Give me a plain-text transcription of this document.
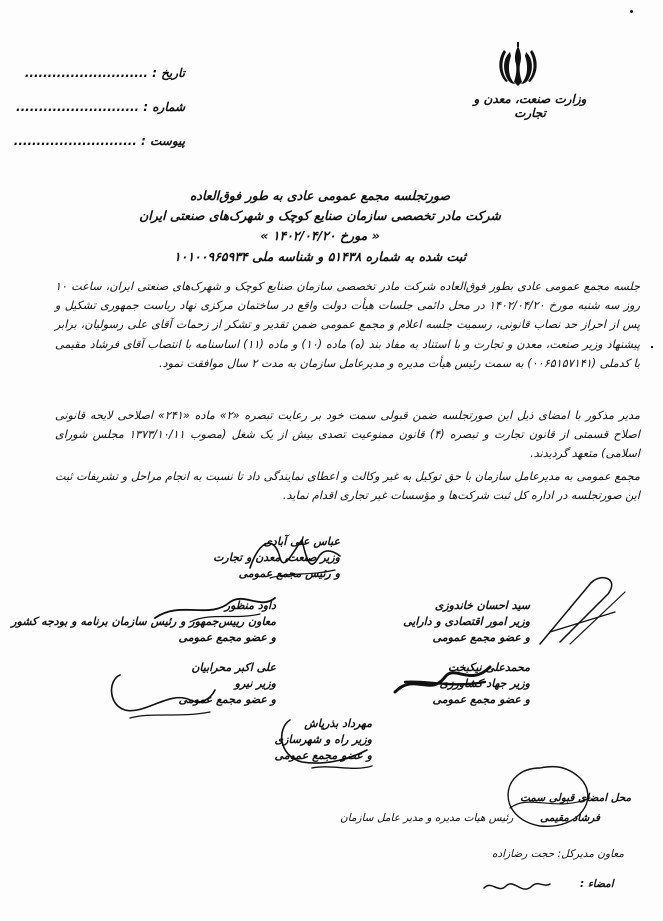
وزارت صنعت، معدن و تجارت
تاریخ : ...........................
شماره : ...........................
پیوست : ...........................
صورتجلسه مجمع عمومی عادی به طور فوق‌العاده
شرکت مادر تخصصی سازمان صنایع کوچک و شهرک‌های صنعتی ایران
« مورخ ۱۴۰۲/۰۴/۲۰ »
ثبت شده به شماره ۵۱۴۳۸ و شناسه ملی ۱۰۱۰۰۹۶۵۹۳۴
جلسه مجمع عمومی عادی بطور فوق‌العاده شرکت مادر تخصصی سازمان صنایع کوچک و شهرک‌های صنعتی ایران، ساعت ۱۰ روز سه شنبه مورخ ۱۴۰۲/۰۴/۲۰ در محل دائمی جلسات هیأت دولت واقع در ساختمان مرکزی نهاد ریاست جمهوری تشکیل و پس از احراز حد نصاب قانونی، رسمیت جلسه اعلام و مجمع عمومی ضمن تقدیر و تشکر از زحمات آقای علی رسولیان، برابر پیشنهاد وزیر صنعت، معدن و تجارت و با استناد به مفاد بند (ه) ماده (۱۰) و ماده (۱۱) اساسنامه با انتصاب آقای فرشاد مقیمی با کدملی (۰۰۶۵۱۵۷۱۴۱) به سمت رئیس هیأت مدیره و مدیرعامل سازمان به مدت ۲ سال موافقت نمود.
مدیر مذکور با امضای ذیل این صورتجلسه ضمن قبولی سمت خود بر رعایت تبصره «۲» ماده «۲۴۱» اصلاحی لایحه قانونی اصلاح قسمتی از قانون تجارت و تبصره (۴) قانون ممنوعیت تصدی بیش از یک شغل (مصوب ۱۳۷۳/۱۰/۱۱ مجلس شورای اسلامی) متعهد گردیدند.
مجمع عمومی به مدیرعامل سازمان با حق توکیل به غیر وکالت و اعطای نمایندگی داد تا نسبت به انجام مراحل و تشریفات ثبت این صورتجلسه در اداره کل ثبت شرکت‌ها و مؤسسات غیر تجاری اقدام نماید.
عباس علی آبادی
وزیر صنعت، معدن و تجارت
و رئیس مجمع عمومی
داود منظور
معاون رییس‌جمهور و رئیس سازمان برنامه و بودجه کشور
و عضو مجمع عمومی
سید احسان خاندوزی
وزیر امور اقتصادی و دارایی
و عضو مجمع عمومی
علی اکبر محرابیان
وزیر نیرو
و عضو مجمع عمومی
محمدعلی نیکبخت
وزیر جهاد کشاورزی
و عضو مجمع عمومی
مهرداد بذرپاش
وزیر راه و شهرسازی
و عضو مجمع عمومی
محل امضای قبولی سمت
فرشاد مقیمی
رئیس هیات مدیره و مدیر عامل سازمان
معاون مدیرکل: حجت رضازاده
امضاء :
